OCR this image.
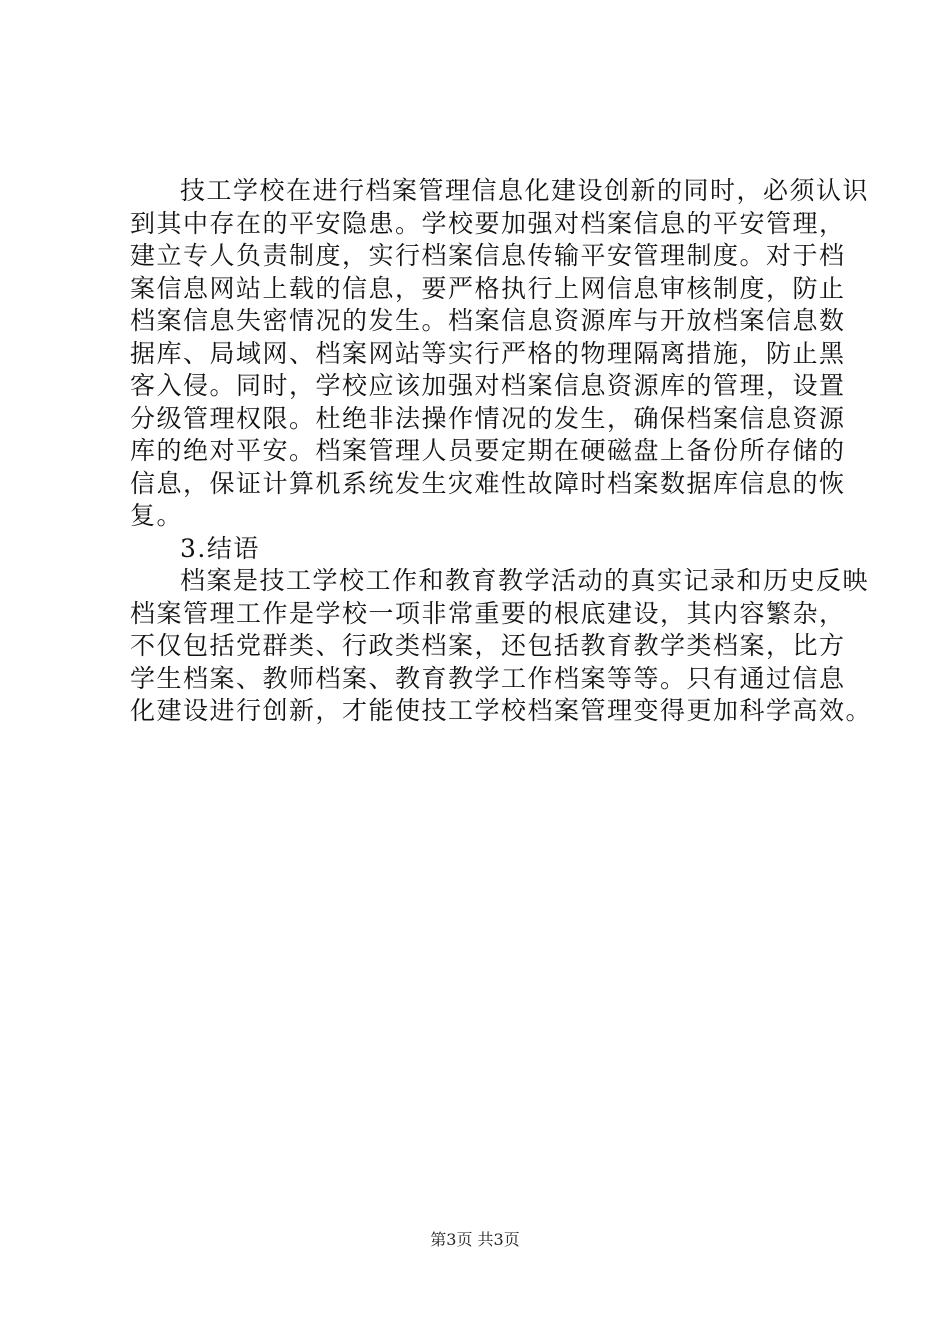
技工学校在进行档案管理信息化建设创新的同时，必须认识
到其中存在的平安隐患。学校要加强对档案信息的平安管理，
建立专人负责制度，实行档案信息传输平安管理制度。对于档
案信息网站上载的信息，要严格执行上网信息审核制度，防止
档案信息失密情况的发生。档案信息资源库与开放档案信息数
据库、局域网、档案网站等实行严格的物理隔离措施，防止黑
客入侵。同时，学校应该加强对档案信息资源库的管理，设置
分级管理权限。杜绝非法操作情况的发生，确保档案信息资源
库的绝对平安。档案管理人员要定期在硬磁盘上备份所存储的
信息，保证计算机系统发生灾难性故障时档案数据库信息的恢
复。
3.结语
档案是技工学校工作和教育教学活动的真实记录和历史反映
档案管理工作是学校一项非常重要的根底建设，其内容繁杂，
不仅包括党群类、行政类档案，还包括教育教学类档案，比方
学生档案、教师档案、教育教学工作档案等等。只有通过信息
化建设进行创新，才能使技工学校档案管理变得更加科学高效。
第3页 共3页
